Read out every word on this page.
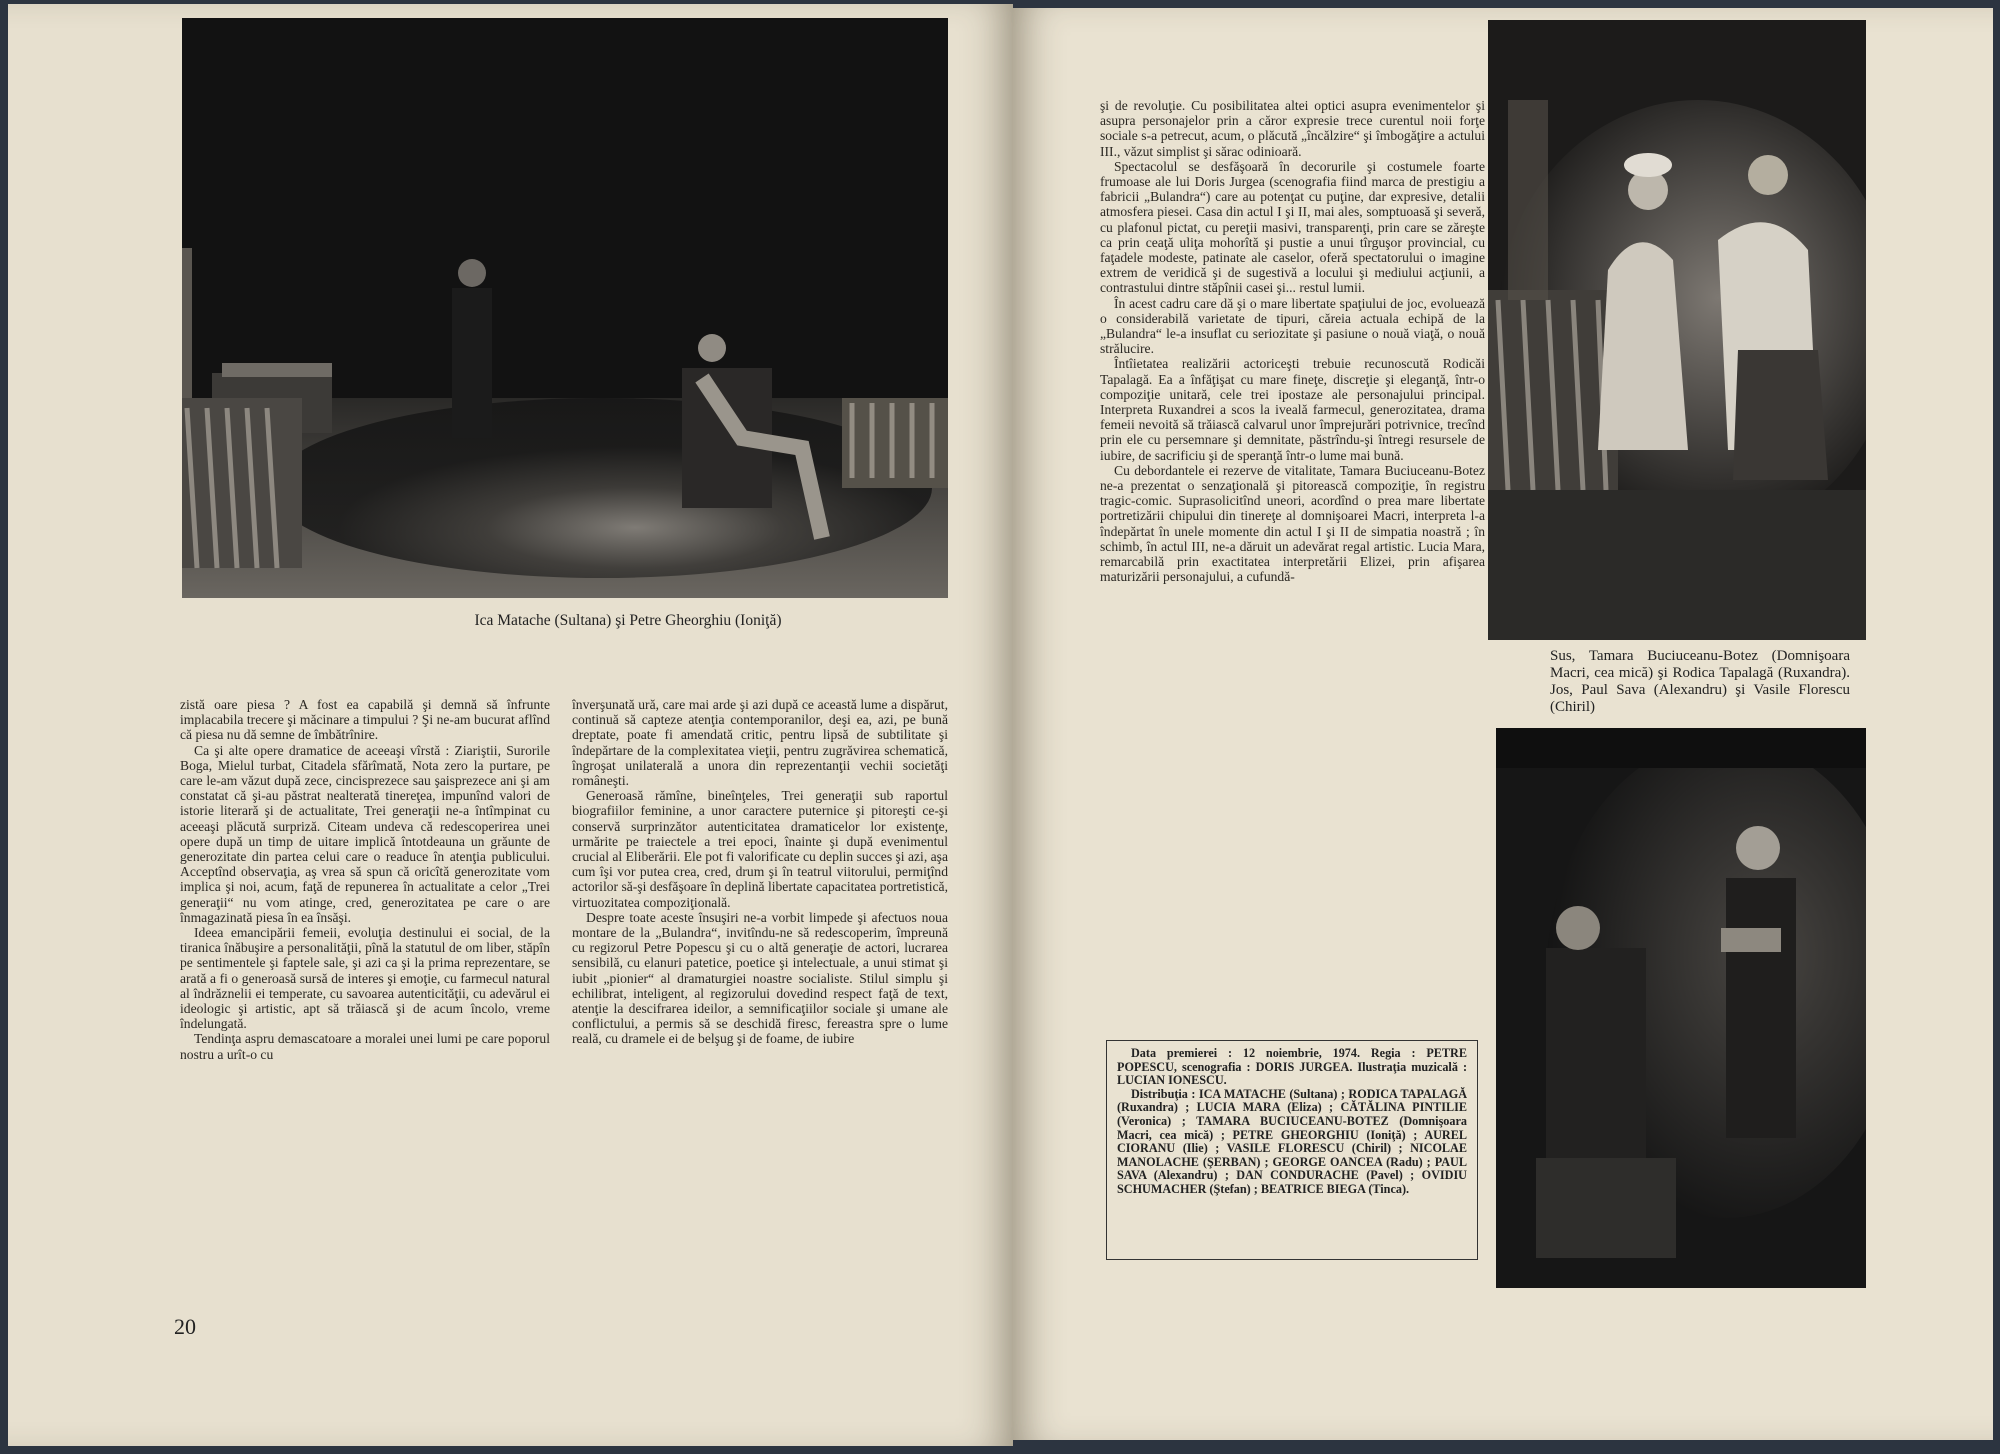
Ica Matache (Sultana) şi Petre Gheorghiu (Ioniţă)

zistă oare piesa ? A fost ea capabilă şi demnă să înfrunte implacabila trecere şi măcinare a timpului ? Şi ne-am bucurat aflînd că piesa nu dă semne de îmbătrînire.

Ca şi alte opere dramatice de aceeaşi vîrstă : Ziariştii, Surorile Boga, Mielul turbat, Citadela sfărîmată, Nota zero la purtare, pe care le-am văzut după zece, cincisprezece sau şaisprezece ani şi am constatat că şi-au păstrat nealterată tinereţea, impunînd valori de istorie literară şi de actualitate, Trei generaţii ne-a întîmpinat cu aceeaşi plăcută surpriză. Citeam undeva că redescoperirea unei opere după un timp de uitare implică întotdeauna un grăunte de generozitate din partea celui care o readuce în atenţia publicului. Acceptînd observaţia, aş vrea să spun că oricîtă generozitate vom implica şi noi, acum, faţă de repunerea în actualitate a celor „Trei generaţii“ nu vom atinge, cred, generozitatea pe care o are înmagazinată piesa în ea însăşi.

Ideea emancipării femeii, evoluţia destinului ei social, de la tiranica înăbuşire a personalităţii, pînă la statutul de om liber, stăpîn pe sentimentele şi faptele sale, şi azi ca şi la prima reprezentare, se arată a fi o generoasă sursă de interes şi emoţie, cu farmecul natural al îndrăznelii ei temperate, cu savoarea autenticităţii, cu adevărul ei ideologic şi artistic, apt să trăiască şi de acum încolo, vreme îndelungată.

Tendinţa aspru demascatoare a moralei unei lumi pe care poporul nostru a urît-o cu

înverşunată ură, care mai arde şi azi după ce această lume a dispărut, continuă să capteze atenţia contemporanilor, deşi ea, azi, pe bună dreptate, poate fi amendată critic, pentru lipsă de subtilitate şi îndepărtare de la complexitatea vieţii, pentru zugrăvirea schematică, îngroşat unilaterală a unora din reprezentanţii vechii societăţi româneşti.

Generoasă rămîne, bineînţeles, Trei generaţii sub raportul biografiilor feminine, a unor caractere puternice şi pitoreşti ce-şi conservă surprinzător autenticitatea dramaticelor lor existenţe, urmărite pe traiectele a trei epoci, înainte şi după evenimentul crucial al Eliberării. Ele pot fi valorificate cu deplin succes şi azi, aşa cum îşi vor putea crea, cred, drum şi în teatrul viitorului, permiţînd actorilor să-şi desfăşoare în deplină libertate capacitatea portretistică, virtuozitatea compoziţională.

Despre toate aceste însuşiri ne-a vorbit limpede şi afectuos noua montare de la „Bulandra“, invitîndu-ne să redescoperim, împreună cu regizorul Petre Popescu şi cu o altă generaţie de actori, lucrarea sensibilă, cu elanuri patetice, poetice şi intelectuale, a unui stimat şi iubit „pionier“ al dramaturgiei noastre socialiste. Stilul simplu şi echilibrat, inteligent, al regizorului dovedind respect faţă de text, atenţie la descifrarea ideilor, a semnificaţiilor sociale şi umane ale conflictului, a permis să se deschidă firesc, fereastra spre o lume reală, cu dramele ei de belşug şi de foame, de iubire

20

şi de revoluţie. Cu posibilitatea altei optici asupra evenimentelor şi asupra personajelor prin a căror expresie trece curentul noii forţe sociale s-a petrecut, acum, o plăcută „încălzire“ şi îmbogăţire a actului III., văzut simplist şi sărac odinioară.

Spectacolul se desfăşoară în decorurile şi costumele foarte frumoase ale lui Doris Jurgea (scenografia fiind marca de prestigiu a fabricii „Bulandra“) care au potenţat cu puţine, dar expresive, detalii atmosfera piesei. Casa din actul I şi II, mai ales, somptuoasă şi severă, cu plafonul pictat, cu pereţii masivi, transparenţi, prin care se zăreşte ca prin ceaţă uliţa mohorîtă şi pustie a unui tîrguşor provincial, cu faţadele modeste, patinate ale caselor, oferă spectatorului o imagine extrem de veridică şi de sugestivă a locului şi mediului acţiunii, a contrastului dintre stăpînii casei şi... restul lumii.

În acest cadru care dă şi o mare libertate spaţiului de joc, evoluează o considerabilă varietate de tipuri, căreia actuala echipă de la „Bulandra“ le-a insuflat cu seriozitate şi pasiune o nouă viaţă, o nouă strălucire.

Întîietatea realizării actoriceşti trebuie recunoscută Rodicăi Tapalagă. Ea a înfăţişat cu mare fineţe, discreţie şi eleganţă, într-o compoziţie unitară, cele trei ipostaze ale personajului principal. Interpreta Ruxandrei a scos la iveală farmecul, generozitatea, drama femeii nevoită să trăiască calvarul unor împrejurări potrivnice, trecînd prin ele cu persemnare şi demnitate, păstrîndu-şi întregi resursele de iubire, de sacrificiu şi de speranţă într-o lume mai bună.

Cu debordantele ei rezerve de vitalitate, Tamara Buciuceanu-Botez ne-a prezentat o senzaţională şi pitorească compoziţie, în registru tragic-comic. Suprasolicitînd uneori, acordînd o prea mare libertate portretizării chipului din tinereţe al domnişoarei Macri, interpreta l-a îndepărtat în unele momente din actul I şi II de simpatia noastră ; în schimb, în actul III, ne-a dăruit un adevărat regal artistic. Lucia Mara, remarcabilă prin exactitatea interpretării Elizei, prin afişarea maturizării personajului, a cufundă-

Sus, Tamara Buciuceanu-Botez (Domnişoara Macri, cea mică) şi Rodica Tapalagă (Ruxandra). Jos, Paul Sava (Alexandru) şi Vasile Florescu (Chiril)

Data premierei : 12 noiembrie, 1974. Regia : PETRE POPESCU, scenografia : DORIS JURGEA. Ilustraţia muzicală : LUCIAN IONESCU.

Distribuţia : ICA MATACHE (Sultana) ; RODICA TAPALAGĂ (Ruxandra) ; LUCIA MARA (Eliza) ; CĂTĂLINA PINTILIE (Veronica) ; TAMARA BUCIUCEANU-BOTEZ (Domnişoara Macri, cea mică) ; PETRE GHEORGHIU (Ioniţă) ; AUREL CIORANU (Ilie) ; VASILE FLORESCU (Chiril) ; NICOLAE MANOLACHE (ŞERBAN) ; GEORGE OANCEA (Radu) ; PAUL SAVA (Alexandru) ; DAN CONDURACHE (Pavel) ; OVIDIU SCHUMACHER (Ştefan) ; BEATRICE BIEGA (Tinca).
